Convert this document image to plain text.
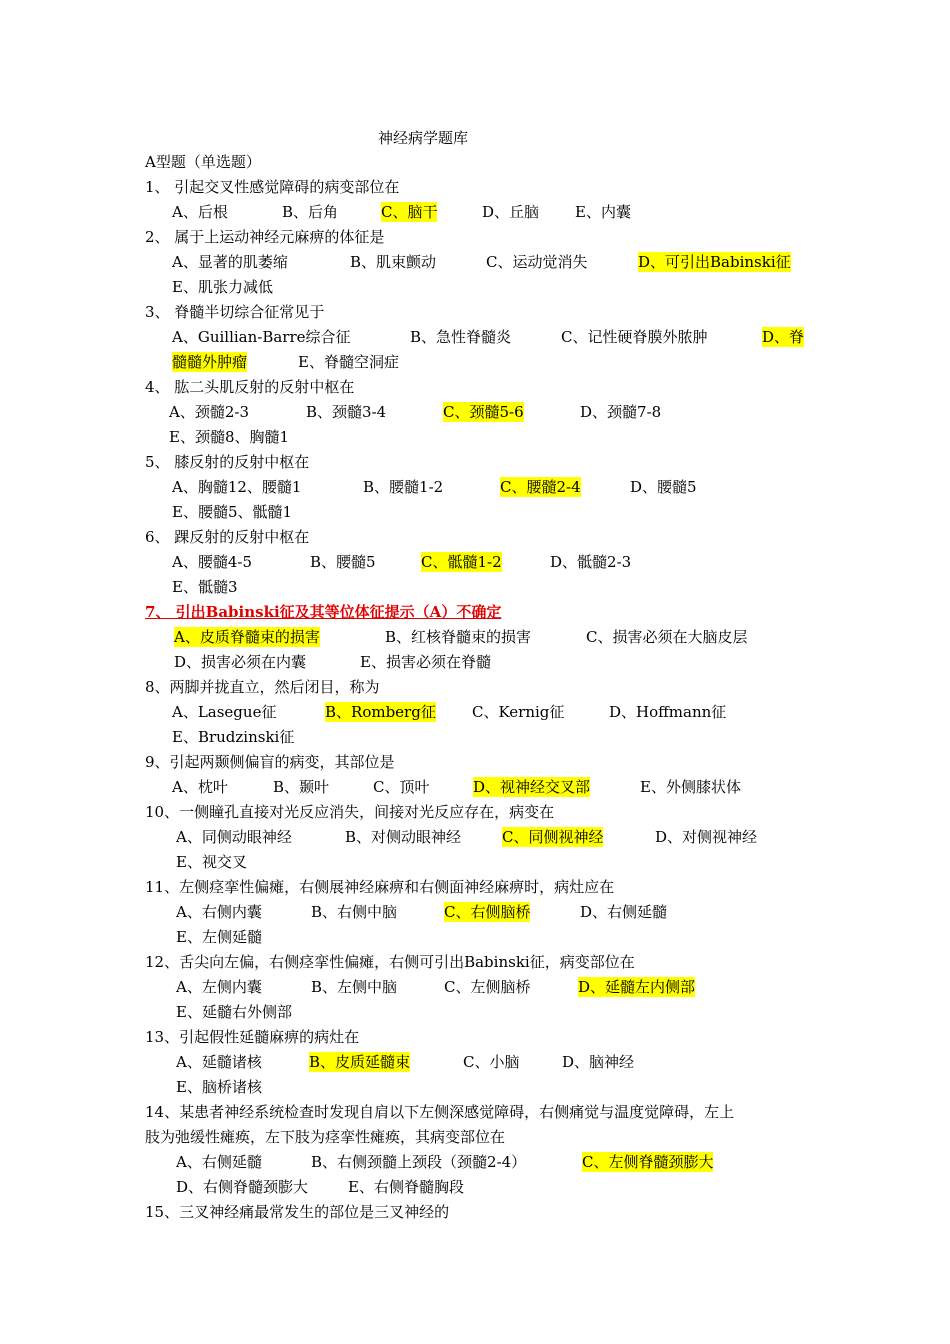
神经病学题库
A型题（单选题）
1、 引起交叉性感觉障碍的病变部位在
A、后根	B、后角	C、脑干	D、丘脑 E、内囊
2、 属于上运动神经元麻痹的体征是
A、显著的肌萎缩	B、肌束颤动	C、运动觉消失	D、可引出Babinski征
E、肌张力减低
3、 脊髓半切综合征常见于
A、Guillian-Barre综合征	B、急性脊髓炎	C、记性硬脊膜外脓肿	D、脊
髓髓外肿瘤	E、脊髓空洞症
4、 肱二头肌反射的反射中枢在
A、颈髓2-3	B、颈髓3-4	C、颈髓5-6	D、颈髓7-8
E、颈髓8、胸髓1
5、 膝反射的反射中枢在
A、胸髓12、腰髓1	B、腰髓1-2	C、腰髓2-4	D、腰髓5
E、腰髓5、骶髓1
6、 踝反射的反射中枢在
A、腰髓4-5	B、腰髓5	C、骶髓1-2	D、骶髓2-3
E、骶髓3
7、 引出Babinski征及其等位体征提示（A）不确定
A、皮质脊髓束的损害	B、红核脊髓束的损害	C、损害必须在大脑皮层
D、损害必须在内囊	E、损害必须在脊髓
8、两脚并拢直立，然后闭目，称为
A、Lasegue征	B、Romberg征 C、Kernig征	D、Hoffmann征
E、Brudzinski征
9、引起两颞侧偏盲的病变，其部位是
A、枕叶	B、颞叶	C、顶叶	D、视神经交叉部	E、外侧膝状体
10、一侧瞳孔直接对光反应消失，间接对光反应存在，病变在
A、同侧动眼神经	B、对侧动眼神经	C、同侧视神经	D、对侧视神经
E、视交叉
11、左侧痉挛性偏瘫，右侧展神经麻痹和右侧面神经麻痹时，病灶应在
A、右侧内囊	B、右侧中脑	C、右侧脑桥	D、右侧延髓
E、左侧延髓
12、舌尖向左偏，右侧痉挛性偏瘫，右侧可引出Babinski征，病变部位在
A、左侧内囊	B、左侧中脑	C、左侧脑桥	D、延髓左内侧部
E、延髓右外侧部
13、引起假性延髓麻痹的病灶在
A、延髓诸核	B、皮质延髓束	C、小脑	D、脑神经
E、脑桥诸核
14、某患者神经系统检查时发现自肩以下左侧深感觉障碍，右侧痛觉与温度觉障碍，左上
肢为弛缓性瘫痪，左下肢为痉挛性瘫痪，其病变部位在
A、右侧延髓	B、右侧颈髓上颈段（颈髓2-4）	C、左侧脊髓颈膨大
D、右侧脊髓颈膨大	E、右侧脊髓胸段
15、三叉神经痛最常发生的部位是三叉神经的
